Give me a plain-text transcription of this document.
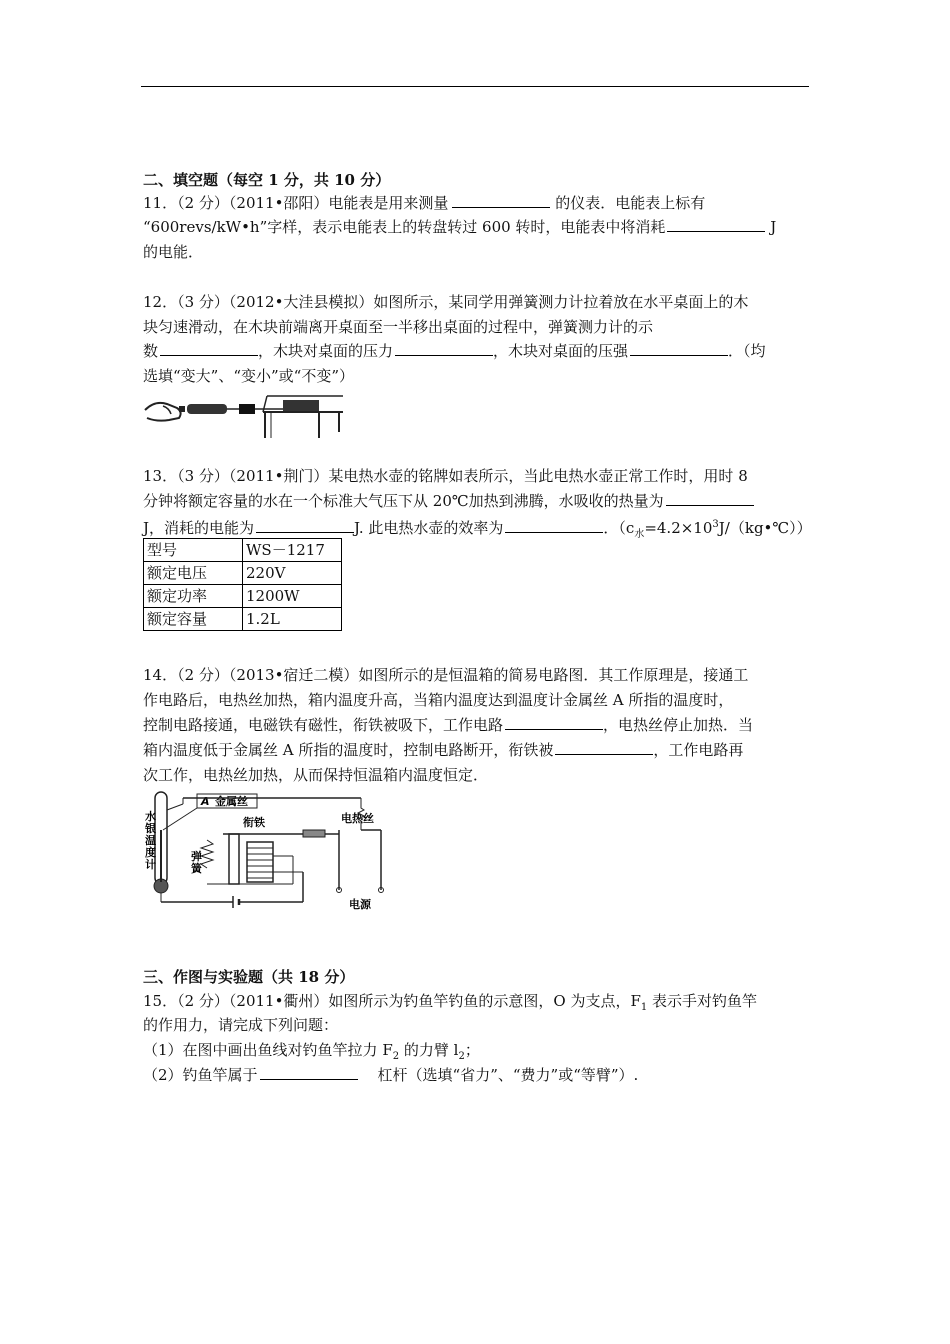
二、填空题（每空 1 分，共 10 分）
11．（2 分）（2011•邵阳）电能表是用来测量	的仪表．电能表上标有
“600revs/kW•h”字样，表示电能表上的转盘转过 600 转时，电能表中将消耗	J
的电能．
12．（3 分）（2012•大洼县模拟）如图所示，某同学用弹簧测力计拉着放在水平桌面上的木
块匀速滑动，在木块前端离开桌面至一半移出桌面的过程中，弹簧测力计的示
数	，木块对桌面的压力	，木块对桌面的压强	．（均
选填“变大”、“变小”或“不变”）
13．（3 分）（2011•荆门）某电热水壶的铭牌如表所示，当此电热水壶正常工作时，用时 8
分钟将额定容量的水在一个标准大气压下从 20℃加热到沸腾，水吸收的热量为
J，消耗的电能为	J. 此电热水壶的效率为	．$(c_水=4.2\times 10^3J/(kg•℃))$
型号	WS－1217
额定电压	220V
额定功率	1200W
额定容量	1.2L
14．（2 分）（2013•宿迁二模）如图所示的是恒温箱的简易电路图．其工作原理是，接通工
作电路后，电热丝加热，箱内温度升高，当箱内温度达到温度计金属丝 A 所指的温度时，
控制电路接通，电磁铁有磁性，衔铁被吸下，工作电路	，电热丝停止加热．当
箱内温度低于金属丝 A 所指的温度时，控制电路断开，衔铁被	，工作电路再
次工作，电热丝加热，从而保持恒温箱内温度恒定．
水银温度计
A 金属丝
电热丝
电源
衔铁
弹簧
三、作图与实验题（共 18 分）
15．（2 分）（2011•衢州）如图所示为钓鱼竿钓鱼的示意图，O 为支点，$F_1$ 表示手对钓鱼竿
的作用力，请完成下列问题：
（1）在图中画出鱼线对钓鱼竿拉力 $F_2$ 的力臂 $l_2$；
（2）钓鱼竿属于	杠杆（选填“省力”、“费力”或“等臂”）.
